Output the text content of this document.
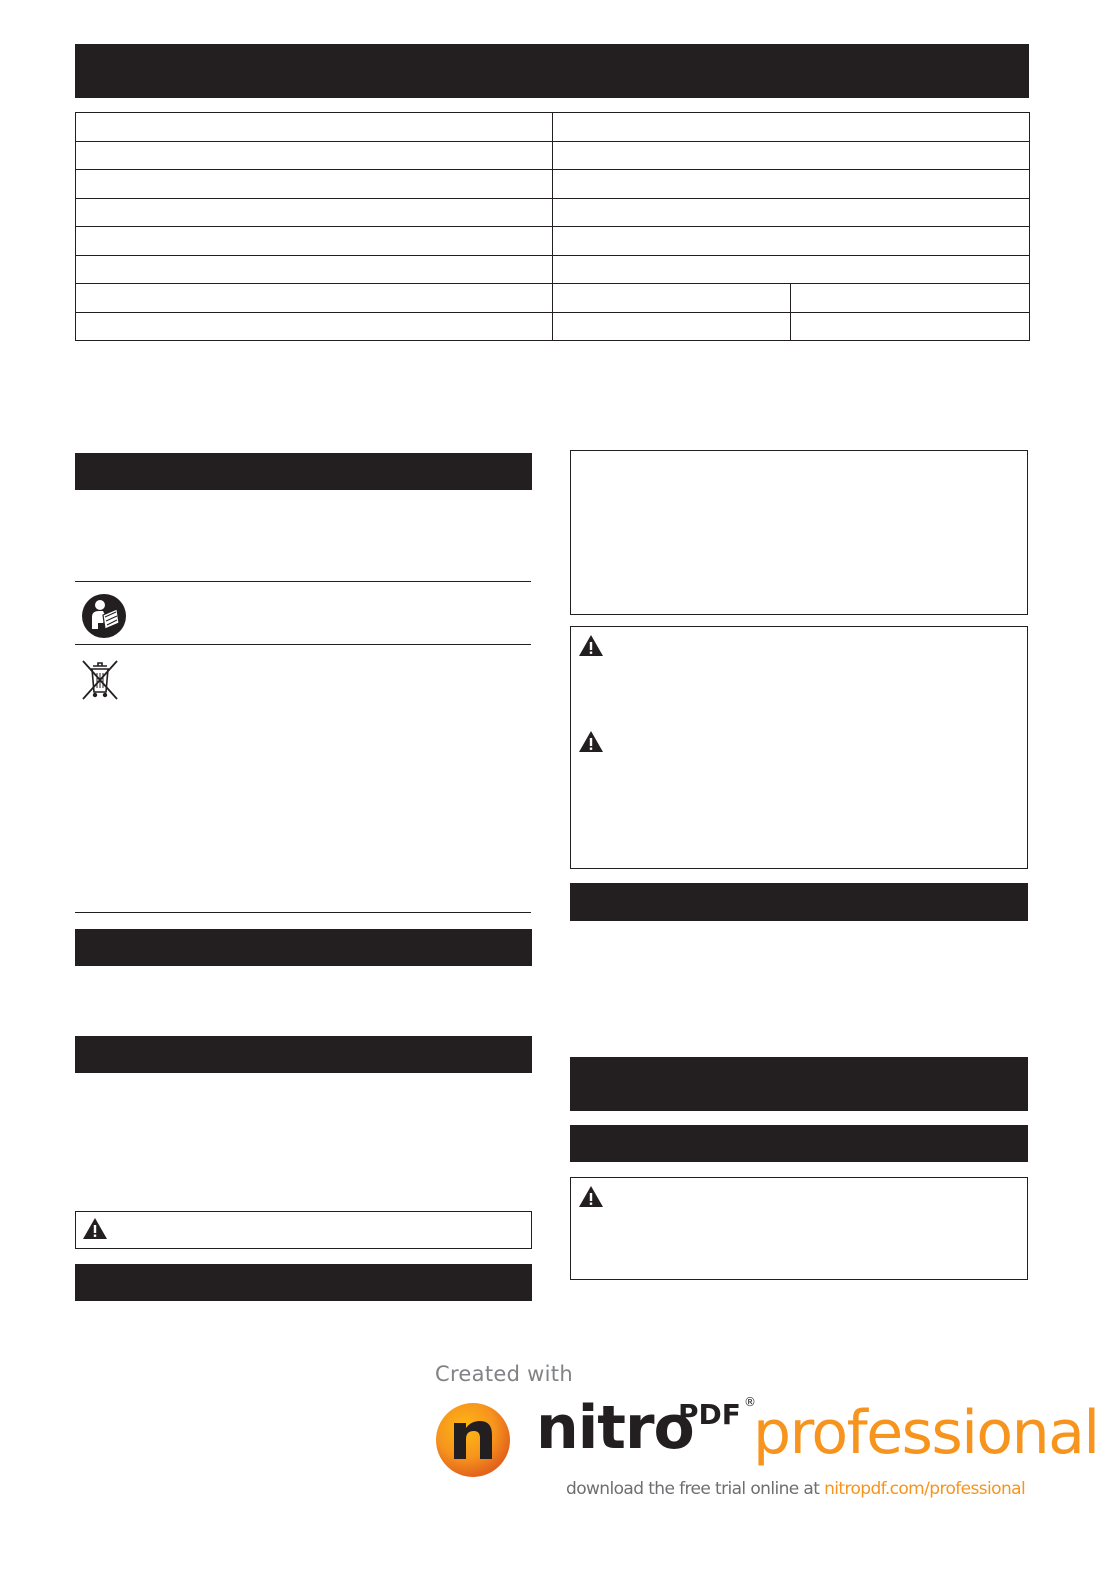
Created with
nitro
PDF ®
professional
download the free trial online at nitropdf.com/professional
